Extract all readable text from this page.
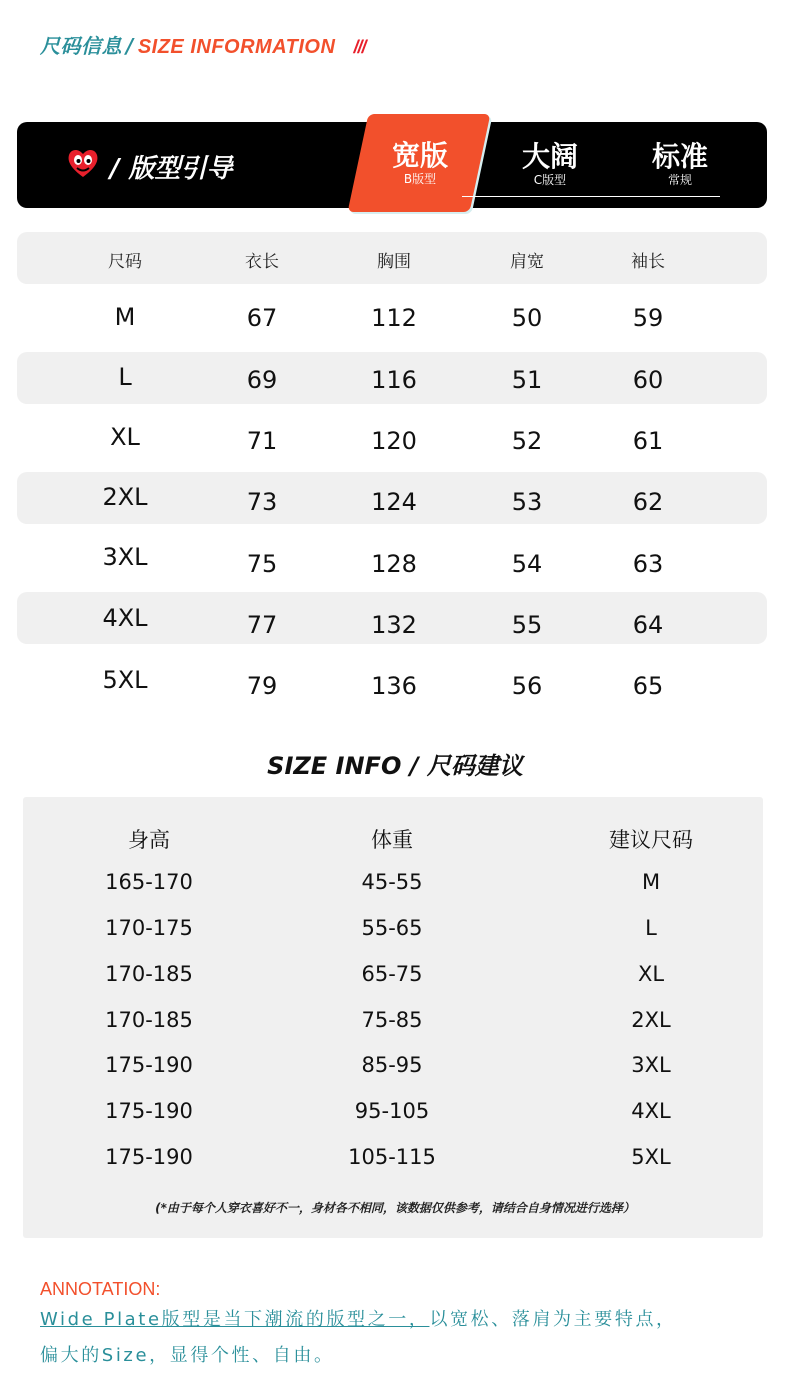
尺码信息 / SIZE INFORMATION ///
/ 版型引导	宽版
B版型
大阔
C版型
标准
常规
尺码	衣长	胸围	肩宽	袖长
M	67	112	50	59
L	69	116	51	60
XL	71	120	52	61
2XL	73	124	53	62
3XL	75	128	54	63
4XL	77	132	55	64
5XL	79	136	56	65
SIZE INFO / 尺码建议
身高	体重	建议尺码
165-170	45-55	M
170-175	55-65	L
170-185	65-75	XL
170-185	75-85	2XL
175-190	85-95	3XL
175-190	95-105	4XL
175-190	105-115	5XL
(*由于每个人穿衣喜好不一，身材各不相同，该数据仅供参考，请结合自身情况进行选择）
ANNOTATION:
Wide Plate版型是当下潮流的版型之一，以宽松、落肩为主要特点，
偏大的Size，显得个性、自由。
